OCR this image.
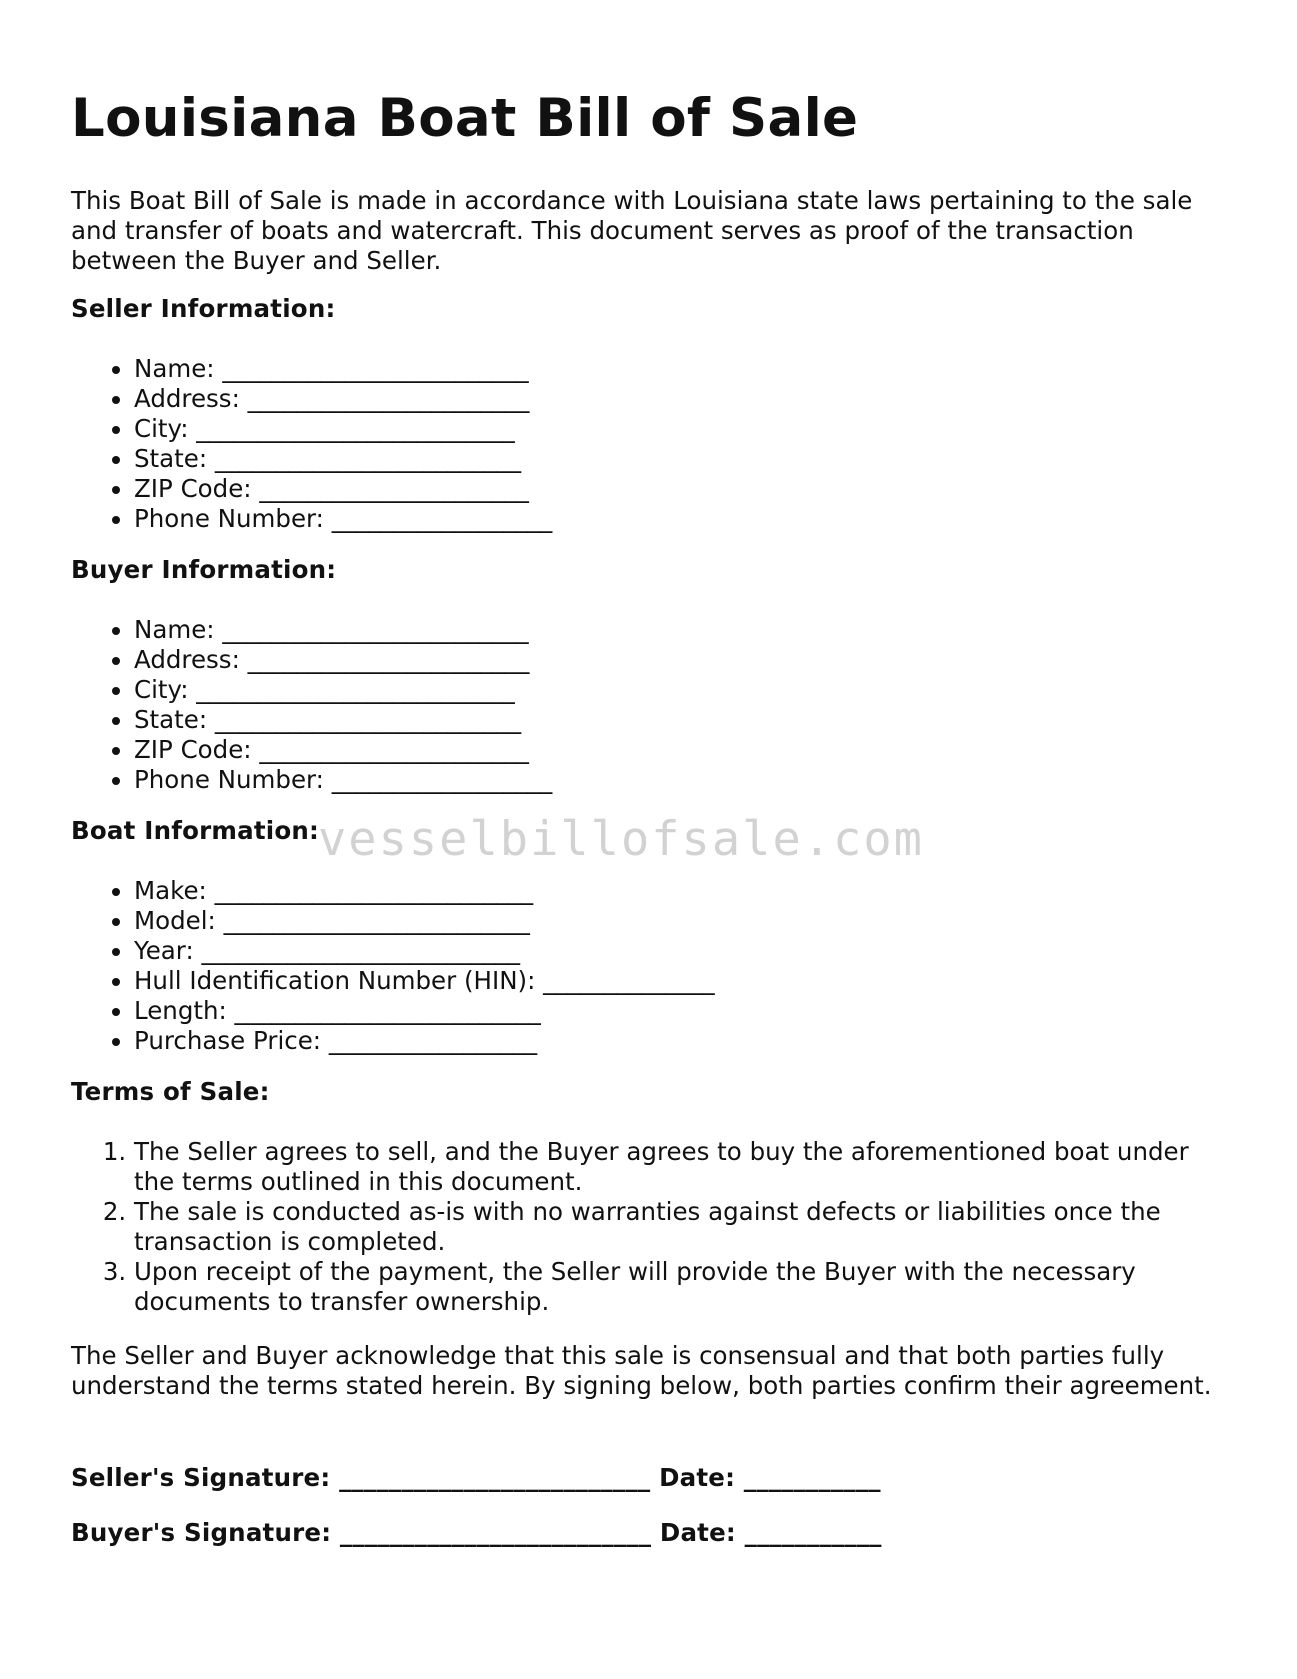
Louisiana Boat Bill of Sale

This Boat Bill of Sale is made in accordance with Louisiana state laws pertaining to the sale and transfer of boats and watercraft. This document serves as proof of the transaction between the Buyer and Seller.

Seller Information:

• Name: _________________________
• Address: _______________________
• City: __________________________
• State: _________________________
• ZIP Code: ______________________
• Phone Number: __________________

Buyer Information:

• Name: _________________________
• Address: _______________________
• City: __________________________
• State: _________________________
• ZIP Code: ______________________
• Phone Number: __________________

Boat Information:

• Make: __________________________
• Model: _________________________
• Year: __________________________
• Hull Identification Number (HIN): ______________
• Length: _________________________
• Purchase Price: _________________

Terms of Sale:

1. The Seller agrees to sell, and the Buyer agrees to buy the aforementioned boat under the terms outlined in this document.
2. The sale is conducted as-is with no warranties against defects or liabilities once the transaction is completed.
3. Upon receipt of the payment, the Seller will provide the Buyer with the necessary documents to transfer ownership.

The Seller and Buyer acknowledge that this sale is consensual and that both parties fully understand the terms stated herein. By signing below, both parties confirm their agreement.

Seller's Signature: _________________________ Date: ___________

Buyer's Signature: _________________________ Date: ___________

vesselbillofsale.com
